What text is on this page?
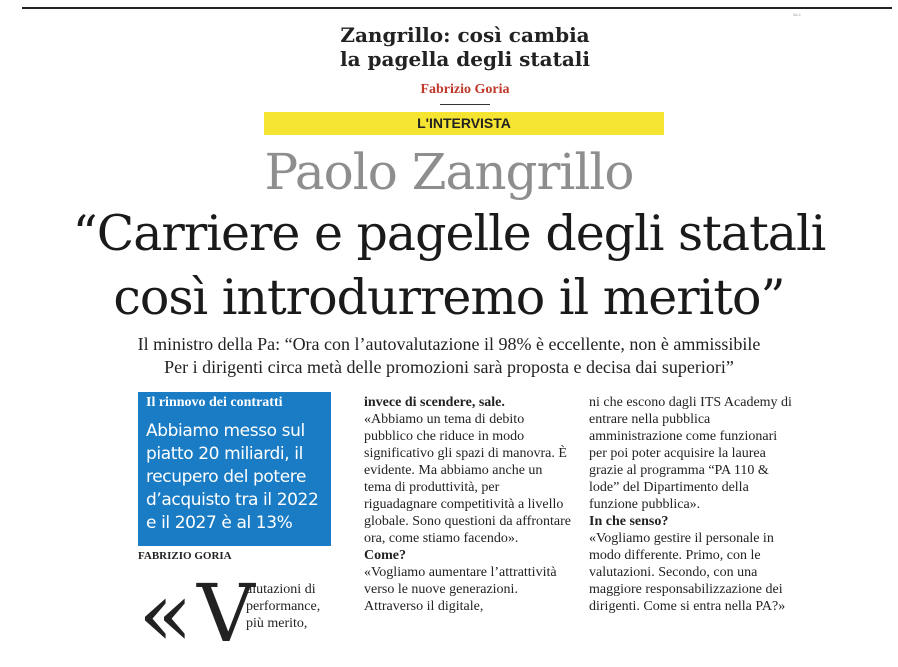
3a-1
Zangrillo: così cambia
la pagella degli statali
Fabrizio Goria
L'INTERVISTA
Paolo Zangrillo
“Carriere e pagelle degli statali
così introdurremo il merito”
Il ministro della Pa: “Ora con l’autovalutazione il 98% è eccellente, non è ammissibile
Per i dirigenti circa metà delle promozioni sarà proposta e decisa dai superiori”
Il rinnovo dei contratti
Abbiamo messo sul piatto 20 miliardi, il recupero del potere d’acquisto tra il 2022 e il 2027 è al 13%
FABRIZIO GORIA
« V
alutazioni di performance, più merito,

invece di scendere, sale.

«Abbiamo un tema di debito pubblico che riduce in modo significativo gli spazi di manovra. È evidente. Ma abbiamo anche un tema di produttività, per riguadagnare competitività a livello globale. Sono questioni da affrontare ora, come stiamo facendo».

Come?

«Vogliamo aumentare l’attrattività verso le nuove generazioni. Attraverso il digitale,

ni che escono dagli ITS Academy di entrare nella pubblica amministrazione come funzionari per poi poter acquisire la laurea grazie al programma “PA 110 & lode” del Dipartimento della funzione pubblica».

In che senso?

«Vogliamo gestire il personale in modo differente. Primo, con le valutazioni. Secondo, con una maggiore responsabilizzazione dei dirigenti. Come si entra nella PA?»
